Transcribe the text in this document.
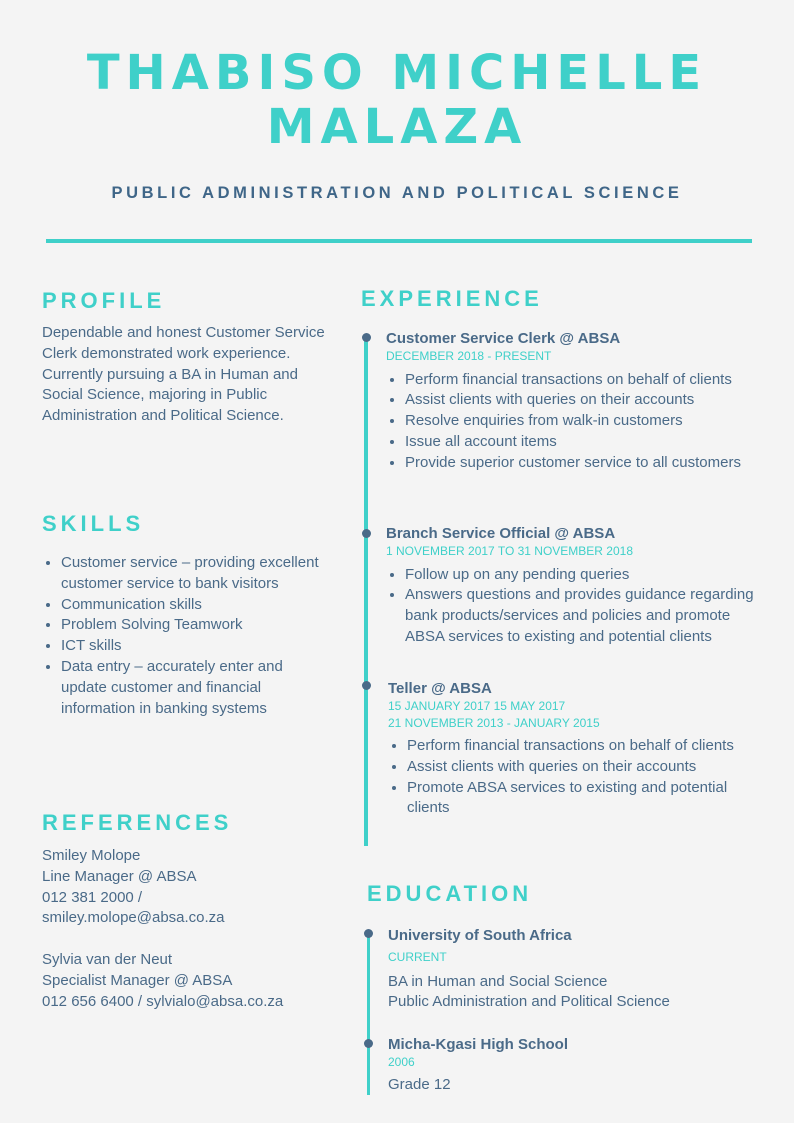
THABISO MICHELLE
MALAZA
PUBLIC ADMINISTRATION AND POLITICAL SCIENCE
PROFILE
Dependable and honest Customer Service Clerk demonstrated work experience. Currently pursuing a BA in Human and Social Science, majoring in Public Administration and Political Science.
SKILLS
• Customer service – providing excellent customer service to bank visitors
• Communication skills
• Problem Solving Teamwork
• ICT skills
• Data entry – accurately enter and update customer and financial information in banking systems
REFERENCES
Smiley Molope
Line Manager @ ABSA
012 381 2000 /
smiley.molope@absa.co.za
Sylvia van der Neut
Specialist Manager @ ABSA
012 656 6400 / sylvialo@absa.co.za
EXPERIENCE
Customer Service Clerk @ ABSA
DECEMBER 2018 - PRESENT
• Perform financial transactions on behalf of clients
• Assist clients with queries on their accounts
• Resolve enquiries from walk-in customers
• Issue all account items
• Provide superior customer service to all customers
Branch Service Official @ ABSA
1 NOVEMBER 2017 TO 31 NOVEMBER 2018
• Follow up on any pending queries
• Answers questions and provides guidance regarding bank products/services and policies and promote ABSA services to existing and potential clients
Teller @ ABSA
15 JANUARY 2017 15 MAY 2017
21 NOVEMBER 2013 - JANUARY 2015
• Perform financial transactions on behalf of clients
• Assist clients with queries on their accounts
• Promote ABSA services to existing and potential clients
EDUCATION
University of South Africa
CURRENT
BA in Human and Social Science
Public Administration and Political Science
Micha-Kgasi High School
2006
Grade 12
